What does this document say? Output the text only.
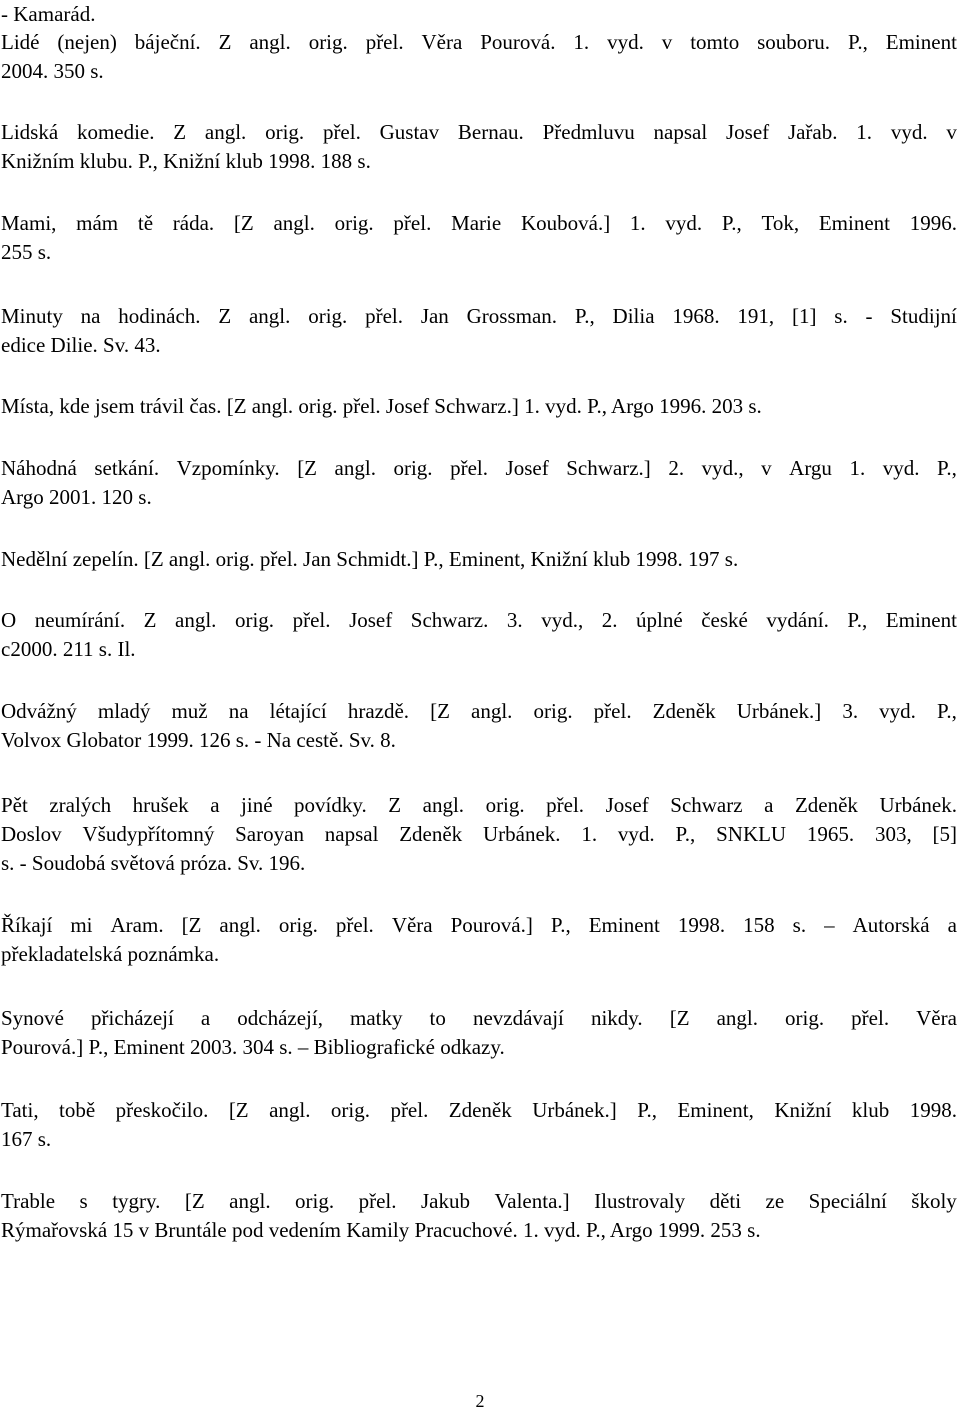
- Kamarád.
Lidé (nejen) báječní. Z angl. orig. přel. Věra Pourová. 1. vyd. v tomto souboru. P., Eminent
2004. 350 s.
Lidská komedie. Z angl. orig. přel. Gustav Bernau. Předmluvu napsal Josef Jařab. 1. vyd. v
Knižním klubu. P., Knižní klub 1998. 188 s.
Mami, mám tě ráda. [Z angl. orig. přel. Marie Koubová.] 1. vyd. P., Tok, Eminent 1996.
255 s.
Minuty na hodinách. Z angl. orig. přel. Jan Grossman. P., Dilia 1968. 191, [1] s. - Studijní
edice Dilie. Sv. 43.
Místa, kde jsem trávil čas. [Z angl. orig. přel. Josef Schwarz.] 1. vyd. P., Argo 1996. 203 s.
Náhodná setkání. Vzpomínky. [Z angl. orig. přel. Josef Schwarz.] 2. vyd., v Argu 1. vyd. P.,
Argo 2001. 120 s.
Nedělní zepelín. [Z angl. orig. přel. Jan Schmidt.] P., Eminent, Knižní klub 1998. 197 s.
O neumírání. Z angl. orig. přel. Josef Schwarz. 3. vyd., 2. úplné české vydání. P., Eminent
c2000. 211 s. Il.
Odvážný mladý muž na létající hrazdě. [Z angl. orig. přel. Zdeněk Urbánek.] 3. vyd. P.,
Volvox Globator 1999. 126 s. - Na cestě. Sv. 8.
Pět zralých hrušek a jiné povídky. Z angl. orig. přel. Josef Schwarz a Zdeněk Urbánek.
Doslov Všudypřítomný Saroyan napsal Zdeněk Urbánek. 1. vyd. P., SNKLU 1965. 303, [5]
s. - Soudobá světová próza. Sv. 196.
Říkají mi Aram. [Z angl. orig. přel. Věra Pourová.] P., Eminent 1998. 158 s. – Autorská a
překladatelská poznámka.
Synové přicházejí a odcházejí, matky to nevzdávají nikdy. [Z angl. orig. přel. Věra
Pourová.] P., Eminent 2003. 304 s. – Bibliografické odkazy.
Tati, tobě přeskočilo. [Z angl. orig. přel. Zdeněk Urbánek.] P., Eminent, Knižní klub 1998.
167 s.
Trable s tygry. [Z angl. orig. přel. Jakub Valenta.] Ilustrovaly děti ze Speciální školy
Rýmařovská 15 v Bruntále pod vedením Kamily Pracuchové. 1. vyd. P., Argo 1999. 253 s.
2
